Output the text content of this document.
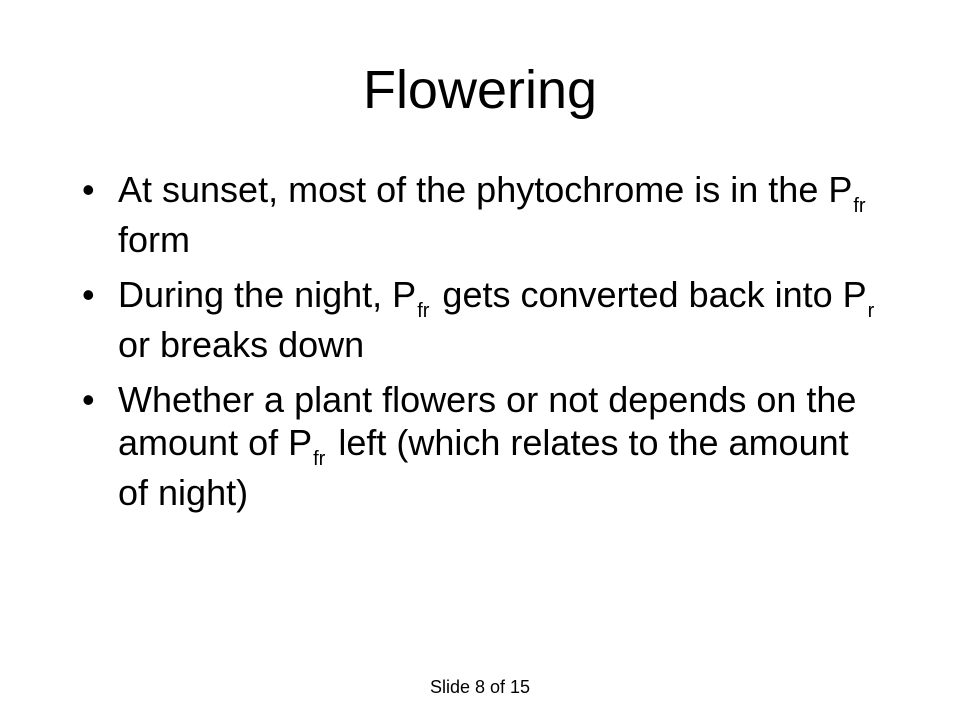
Flowering
• At sunset, most of the phytochrome is in the $P_{fr}$ form
• During the night, $P_{fr}$ gets converted back into $P_r$ or breaks down
• Whether a plant flowers or not depends on the amount of $P_{fr}$ left (which relates to the amount of night)
Slide 8 of 15
